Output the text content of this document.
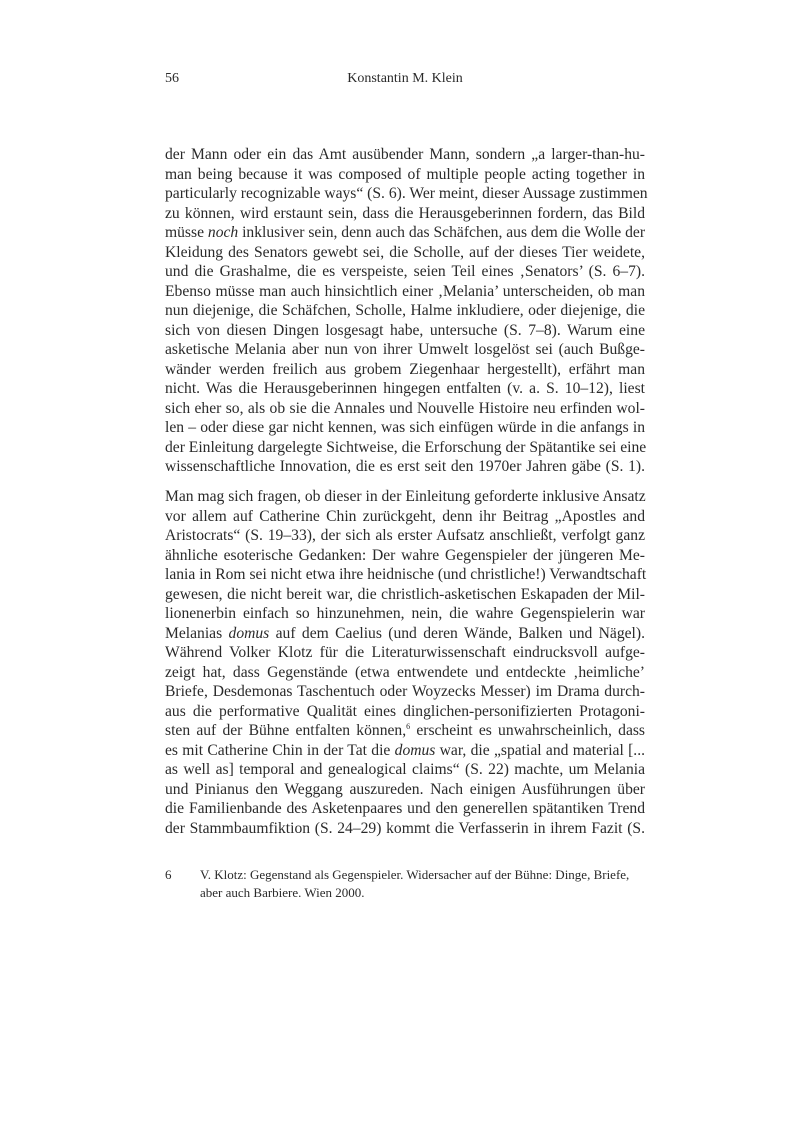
56	Konstantin M. Klein
der Mann oder ein das Amt ausübender Mann, sondern „a larger-than-hu-
man being because it was composed of multiple people acting together in
particularly recognizable ways“ (S. 6). Wer meint, dieser Aussage zustimmen
zu können, wird erstaunt sein, dass die Herausgeberinnen fordern, das Bild
müsse noch inklusiver sein, denn auch das Schäfchen, aus dem die Wolle der
Kleidung des Senators gewebt sei, die Scholle, auf der dieses Tier weidete,
und die Grashalme, die es verspeiste, seien Teil eines ‚Senators’ (S. 6–7).
Ebenso müsse man auch hinsichtlich einer ‚Melania’ unterscheiden, ob man
nun diejenige, die Schäfchen, Scholle, Halme inkludiere, oder diejenige, die
sich von diesen Dingen losgesagt habe, untersuche (S. 7–8). Warum eine
asketische Melania aber nun von ihrer Umwelt losgelöst sei (auch Bußge-
wänder werden freilich aus grobem Ziegenhaar hergestellt), erfährt man
nicht. Was die Herausgeberinnen hingegen entfalten (v. a. S. 10–12), liest
sich eher so, als ob sie die Annales und Nouvelle Histoire neu erfinden wol-
len – oder diese gar nicht kennen, was sich einfügen würde in die anfangs in
der Einleitung dargelegte Sichtweise, die Erforschung der Spätantike sei eine
wissenschaftliche Innovation, die es erst seit den 1970er Jahren gäbe (S. 1).
Man mag sich fragen, ob dieser in der Einleitung geforderte inklusive Ansatz
vor allem auf Catherine Chin zurückgeht, denn ihr Beitrag „Apostles and
Aristocrats“ (S. 19–33), der sich als erster Aufsatz anschließt, verfolgt ganz
ähnliche esoterische Gedanken: Der wahre Gegenspieler der jüngeren Me-
lania in Rom sei nicht etwa ihre heidnische (und christliche!) Verwandtschaft
gewesen, die nicht bereit war, die christlich-asketischen Eskapaden der Mil-
lionenerbin einfach so hinzunehmen, nein, die wahre Gegenspielerin war
Melanias domus auf dem Caelius (und deren Wände, Balken und Nägel).
Während Volker Klotz für die Literaturwissenschaft eindrucksvoll aufge-
zeigt hat, dass Gegenstände (etwa entwendete und entdeckte ‚heimliche’
Briefe, Desdemonas Taschentuch oder Woyzecks Messer) im Drama durch-
aus die performative Qualität eines dinglichen-personifizierten Protagoni-
sten auf der Bühne entfalten können,$^6$ erscheint es unwahrscheinlich, dass
es mit Catherine Chin in der Tat die domus war, die „spatial and material [...
as well as] temporal and genealogical claims“ (S. 22) machte, um Melania
und Pinianus den Weggang auszureden. Nach einigen Ausführungen über
die Familienbande des Asketenpaares und den generellen spätantiken Trend
der Stammbaumfiktion (S. 24–29) kommt die Verfasserin in ihrem Fazit (S.
6	V. Klotz: Gegenstand als Gegenspieler. Widersacher auf der Bühne: Dinge, Briefe, aber auch Barbiere. Wien 2000.
